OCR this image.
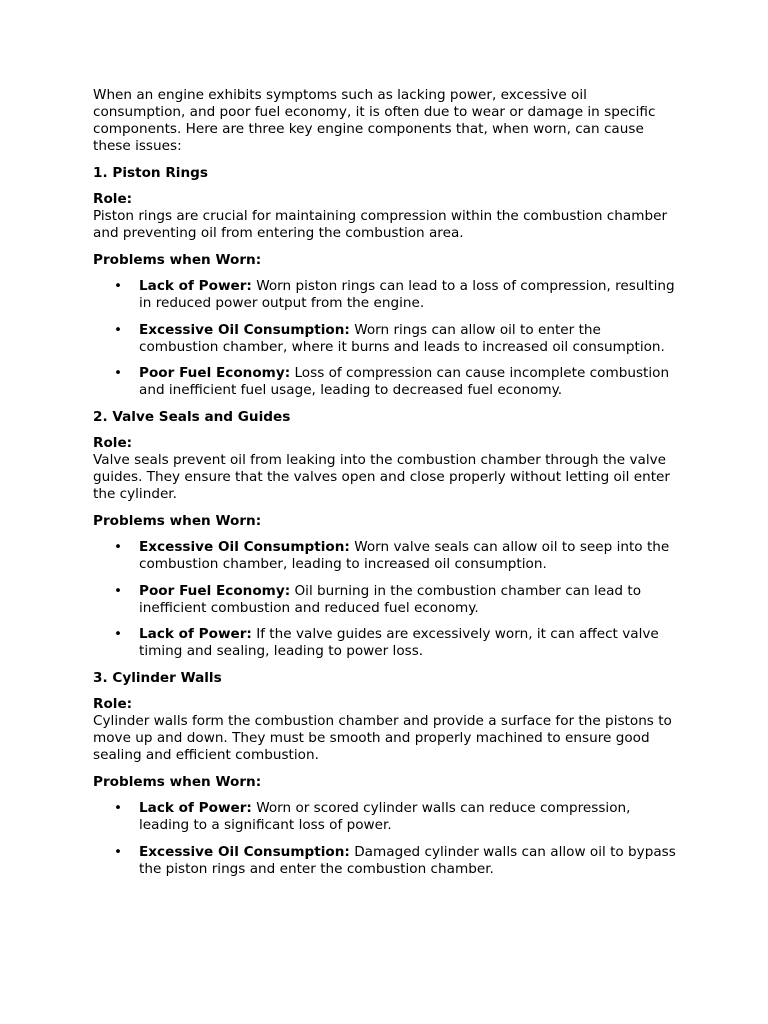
When an engine exhibits symptoms such as lacking power, excessive oil consumption, and poor fuel economy, it is often due to wear or damage in specific components. Here are three key engine components that, when worn, can cause these issues:

1. Piston Rings

Role:
Piston rings are crucial for maintaining compression within the combustion chamber and preventing oil from entering the combustion area.

Problems when Worn:
• Lack of Power: Worn piston rings can lead to a loss of compression, resulting in reduced power output from the engine.
• Excessive Oil Consumption: Worn rings can allow oil to enter the combustion chamber, where it burns and leads to increased oil consumption.
• Poor Fuel Economy: Loss of compression can cause incomplete combustion and inefficient fuel usage, leading to decreased fuel economy.
2. Valve Seals and Guides

Role:
Valve seals prevent oil from leaking into the combustion chamber through the valve guides. They ensure that the valves open and close properly without letting oil enter the cylinder.

Problems when Worn:
• Excessive Oil Consumption: Worn valve seals can allow oil to seep into the combustion chamber, leading to increased oil consumption.
• Poor Fuel Economy: Oil burning in the combustion chamber can lead to inefficient combustion and reduced fuel economy.
• Lack of Power: If the valve guides are excessively worn, it can affect valve timing and sealing, leading to power loss.
3. Cylinder Walls

Role:
Cylinder walls form the combustion chamber and provide a surface for the pistons to move up and down. They must be smooth and properly machined to ensure good sealing and efficient combustion.

Problems when Worn:
• Lack of Power: Worn or scored cylinder walls can reduce compression, leading to a significant loss of power.
• Excessive Oil Consumption: Damaged cylinder walls can allow oil to bypass the piston rings and enter the combustion chamber.
